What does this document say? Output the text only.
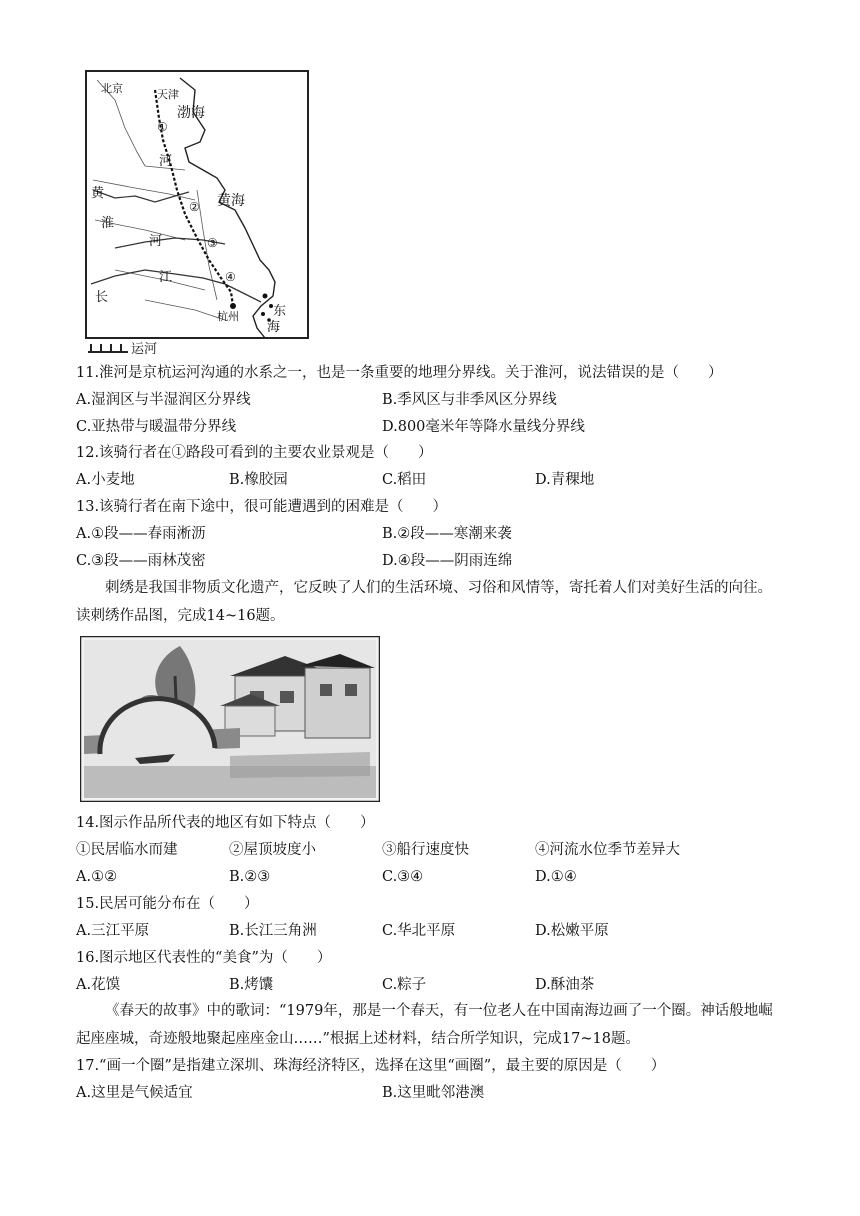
北京	天津
渤海
河
黄	黄海
淮
河
江
长
杭州	东
海
①
②
③
④
运河
11.淮河是京杭运河沟通的水系之一，也是一条重要的地理分界线。关于淮河，说法错误的是（　　）
A.湿润区与半湿润区分界线	B.季风区与非季风区分界线
C.亚热带与暖温带分界线	D.800毫米年等降水量线分界线
12.该骑行者在①路段可看到的主要农业景观是（　　）
A.小麦地	B.橡胶园	C.稻田	D.青稞地
13.该骑行者在南下途中，很可能遭遇到的困难是（　　）
A.①段——春雨淅沥	B.②段——寒潮来袭
C.③段——雨林茂密	D.④段——阴雨连绵
刺绣是我国非物质文化遗产，它反映了人们的生活环境、习俗和风情等，寄托着人们对美好生活的向往。读刺绣作品图，完成14~16题。
14.图示作品所代表的地区有如下特点（　　）
①民居临水而建	②屋顶坡度小	③船行速度快	④河流水位季节差异大
A.①②	B.②③	C.③④	D.①④
15.民居可能分布在（　　）
A.三江平原	B.长江三角洲	C.华北平原	D.松嫩平原
16.图示地区代表性的“美食”为（　　）
A.花馍	B.烤馕	C.粽子	D.酥油茶
《春天的故事》中的歌词：“1979年，那是一个春天，有一位老人在中国南海边画了一个圈。神话般地崛起座座城，奇迹般地聚起座座金山……”根据上述材料，结合所学知识，完成17~18题。
17.“画一个圈”是指建立深圳、珠海经济特区，选择在这里“画圈”，最主要的原因是（　　）
A.这里是气候适宜	B.这里毗邻港澳
